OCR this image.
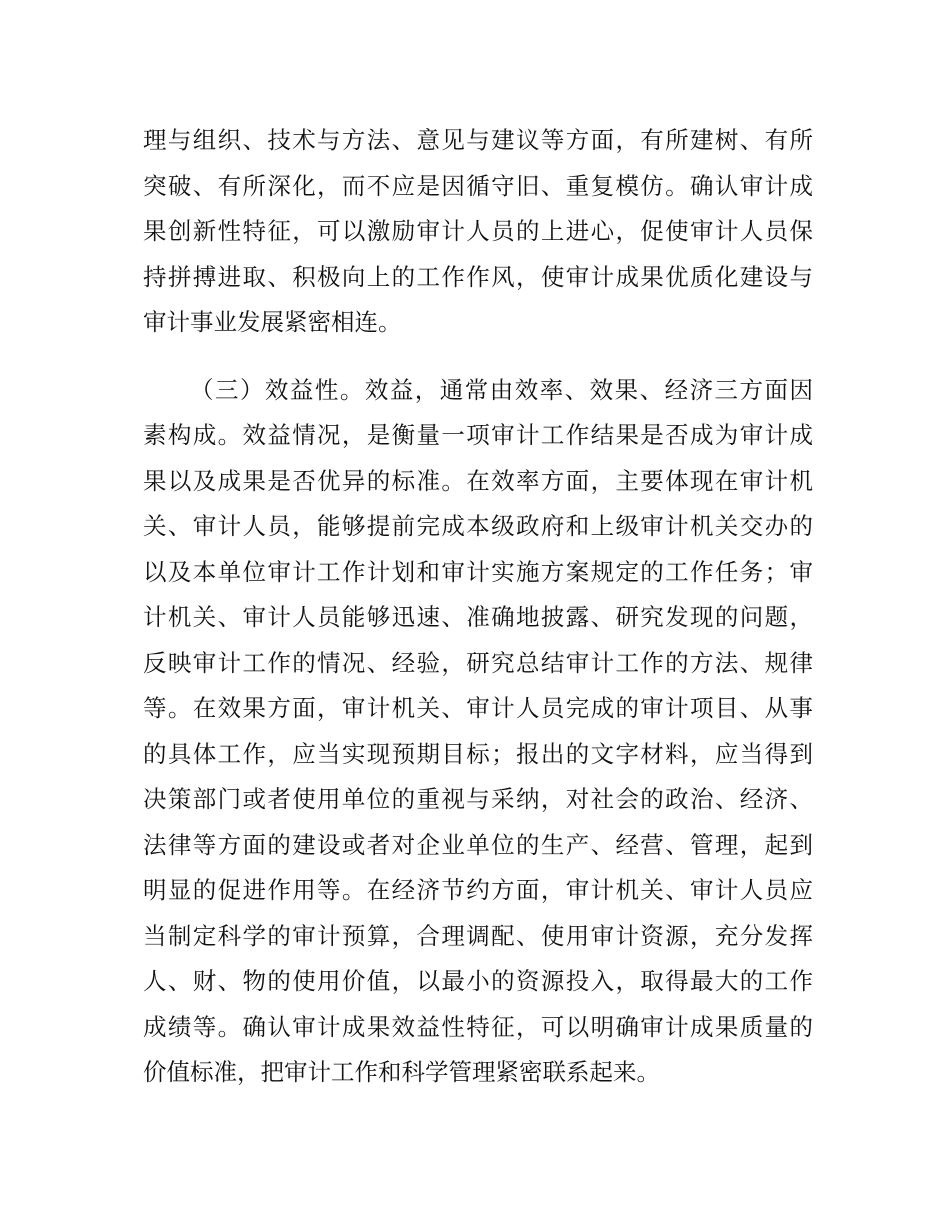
理与组织、技术与方法、意见与建议等方面，有所建树、有所
突破、有所深化，而不应是因循守旧、重复模仿。确认审计成
果创新性特征，可以激励审计人员的上进心，促使审计人员保
持拼搏进取、积极向上的工作作风，使审计成果优质化建设与
审计事业发展紧密相连。
（三）效益性。效益，通常由效率、效果、经济三方面因
素构成。效益情况，是衡量一项审计工作结果是否成为审计成
果以及成果是否优异的标准。在效率方面，主要体现在审计机
关、审计人员，能够提前完成本级政府和上级审计机关交办的
以及本单位审计工作计划和审计实施方案规定的工作任务；审
计机关、审计人员能够迅速、准确地披露、研究发现的问题，
反映审计工作的情况、经验，研究总结审计工作的方法、规律
等。在效果方面，审计机关、审计人员完成的审计项目、从事
的具体工作，应当实现预期目标；报出的文字材料，应当得到
决策部门或者使用单位的重视与采纳，对社会的政治、经济、
法律等方面的建设或者对企业单位的生产、经营、管理，起到
明显的促进作用等。在经济节约方面，审计机关、审计人员应
当制定科学的审计预算，合理调配、使用审计资源，充分发挥
人、财、物的使用价值，以最小的资源投入，取得最大的工作
成绩等。确认审计成果效益性特征，可以明确审计成果质量的
价值标准，把审计工作和科学管理紧密联系起来。
